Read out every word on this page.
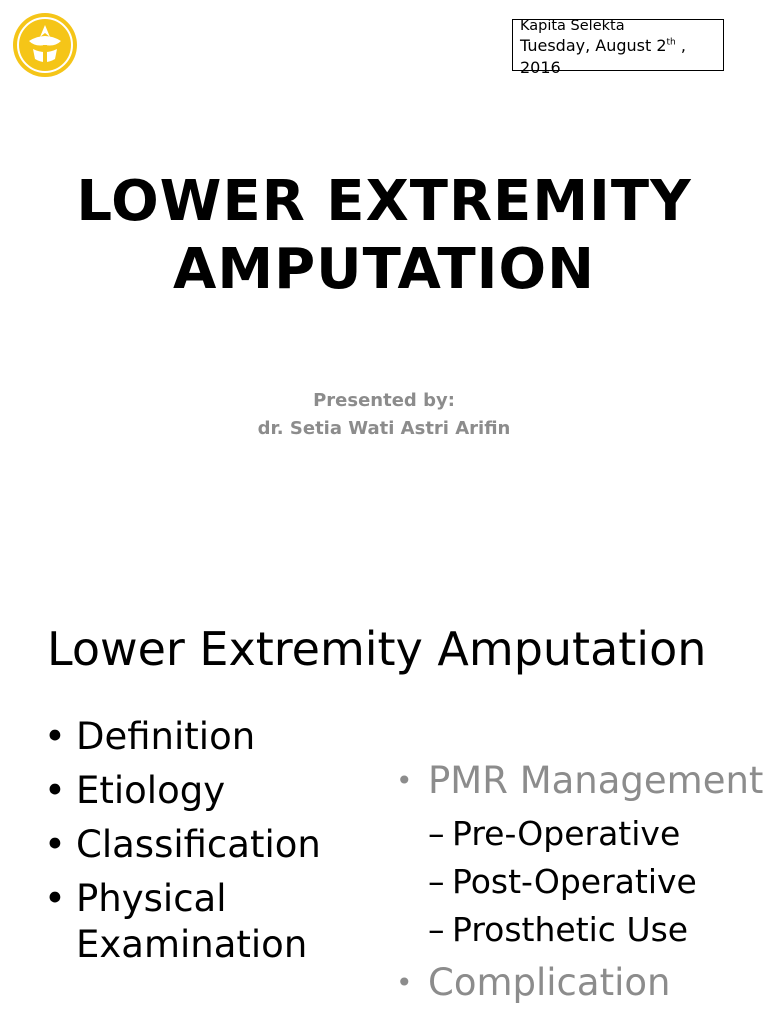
Kapita Selekta
Tuesday, August 2th ,
2016
LOWER EXTREMITY
AMPUTATION
Presented by:
dr. Setia Wati Astri Arifin
Lower Extremity Amputation
• Definition
• Etiology
• Classification
• Physical Examination
• PMR Management
– Pre-Operative
– Post-Operative
– Prosthetic Use
• Complication
